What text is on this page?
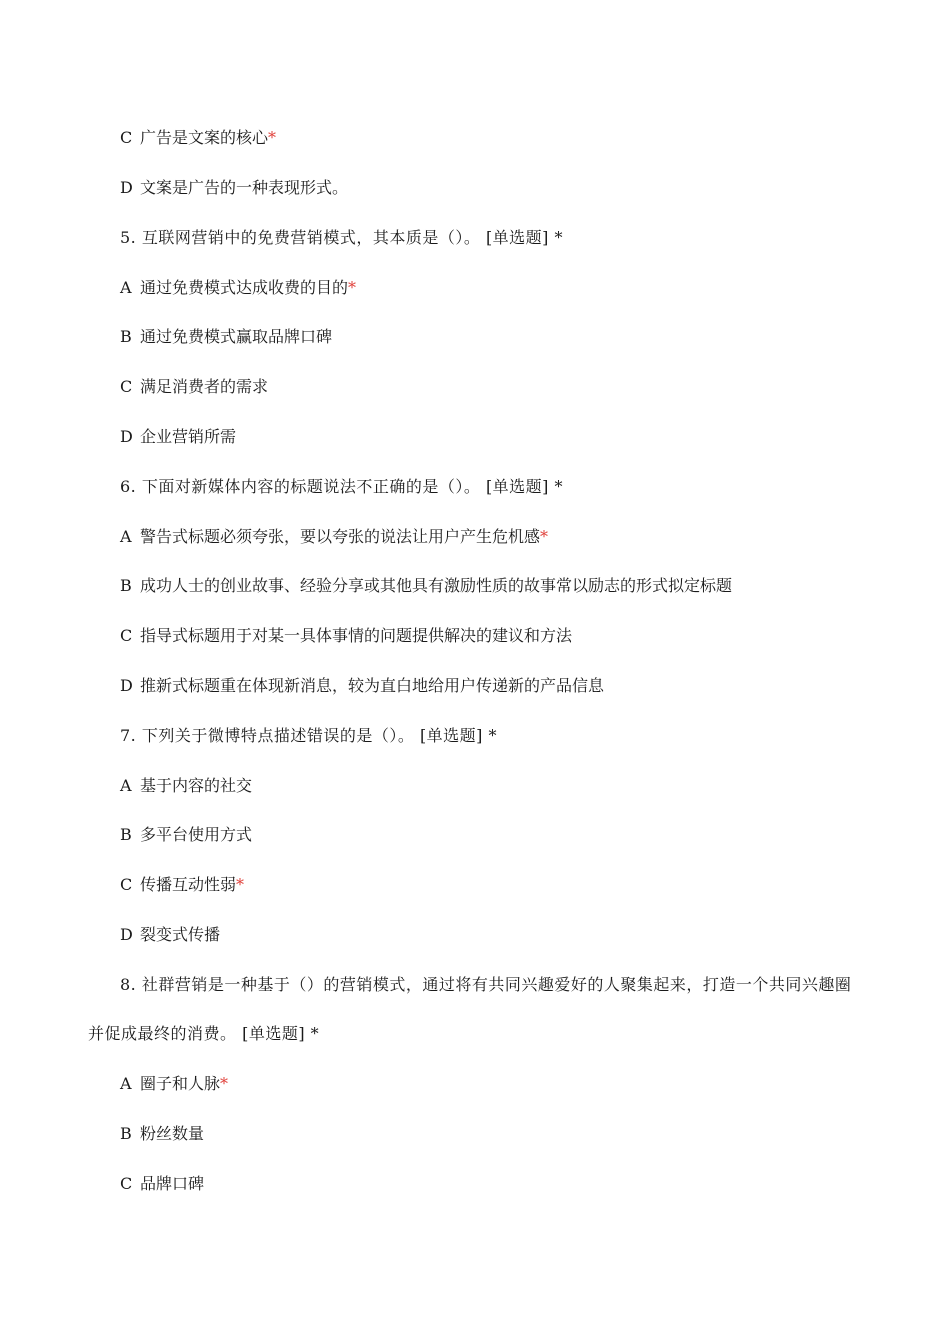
C 广告是文案的核心*
D 文案是广告的一种表现形式。
5. 互联网营销中的免费营销模式，其本质是（）。 [单选题] *
A 通过免费模式达成收费的目的*
B 通过免费模式赢取品牌口碑
C 满足消费者的需求
D 企业营销所需
6. 下面对新媒体内容的标题说法不正确的是（）。 [单选题] *
A 警告式标题必须夸张，要以夸张的说法让用户产生危机感*
B 成功人士的创业故事、经验分享或其他具有激励性质的故事常以励志的形式拟定标题
C 指导式标题用于对某一具体事情的问题提供解决的建议和方法
D 推新式标题重在体现新消息，较为直白地给用户传递新的产品信息
7. 下列关于微博特点描述错误的是（）。 [单选题] *
A 基于内容的社交
B 多平台使用方式
C 传播互动性弱*
D 裂变式传播
8. 社群营销是一种基于（）的营销模式，通过将有共同兴趣爱好的人聚集起来，打造一个共同兴趣圈
并促成最终的消费。 [单选题] *
A 圈子和人脉*
B 粉丝数量
C 品牌口碑
